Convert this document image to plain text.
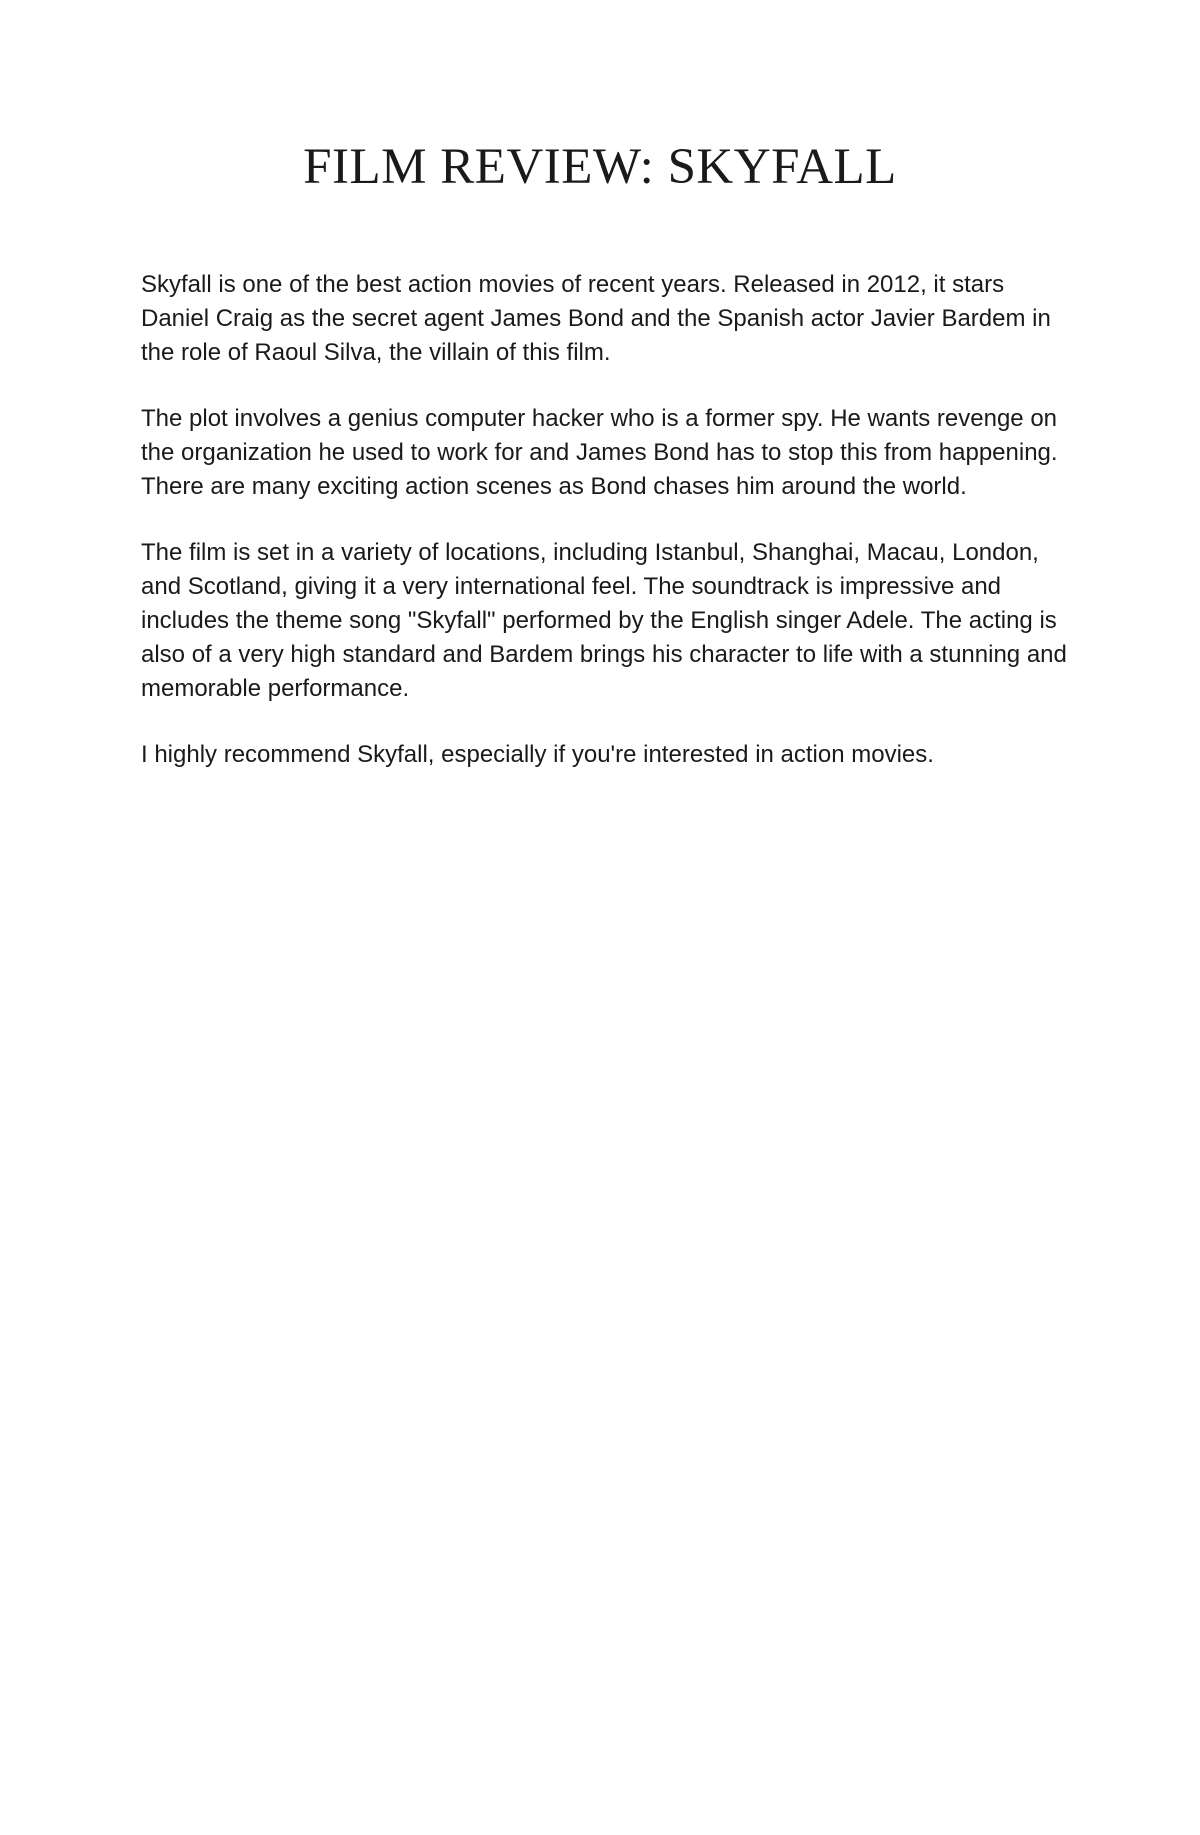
FILM REVIEW: SKYFALL

Skyfall is one of the best action movies of recent years. Released in 2012, it stars Daniel Craig as the secret agent James Bond and the Spanish actor Javier Bardem in the role of Raoul Silva, the villain of this film.

The plot involves a genius computer hacker who is a former spy. He wants revenge on the organization he used to work for and James Bond has to stop this from happening. There are many exciting action scenes as Bond chases him around the world.

The film is set in a variety of locations, including Istanbul, Shanghai, Macau, London, and Scotland, giving it a very international feel. The soundtrack is impressive and includes the theme song "Skyfall" performed by the English singer Adele. The acting is also of a very high standard and Bardem brings his character to life with a stunning and memorable performance.

I highly recommend Skyfall, especially if you're interested in action movies.
